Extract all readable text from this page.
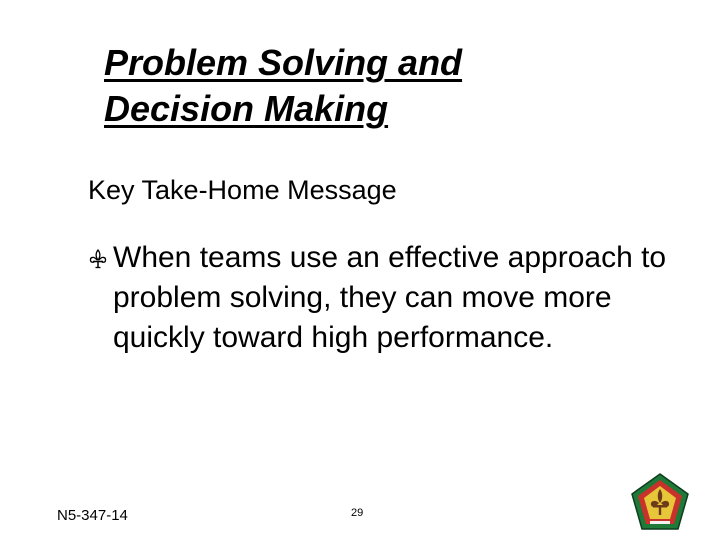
Problem Solving and
Decision Making
Key Take-Home Message
When teams use an effective approach to problem solving, they can move more quickly toward high performance.
N5-347-14	29
